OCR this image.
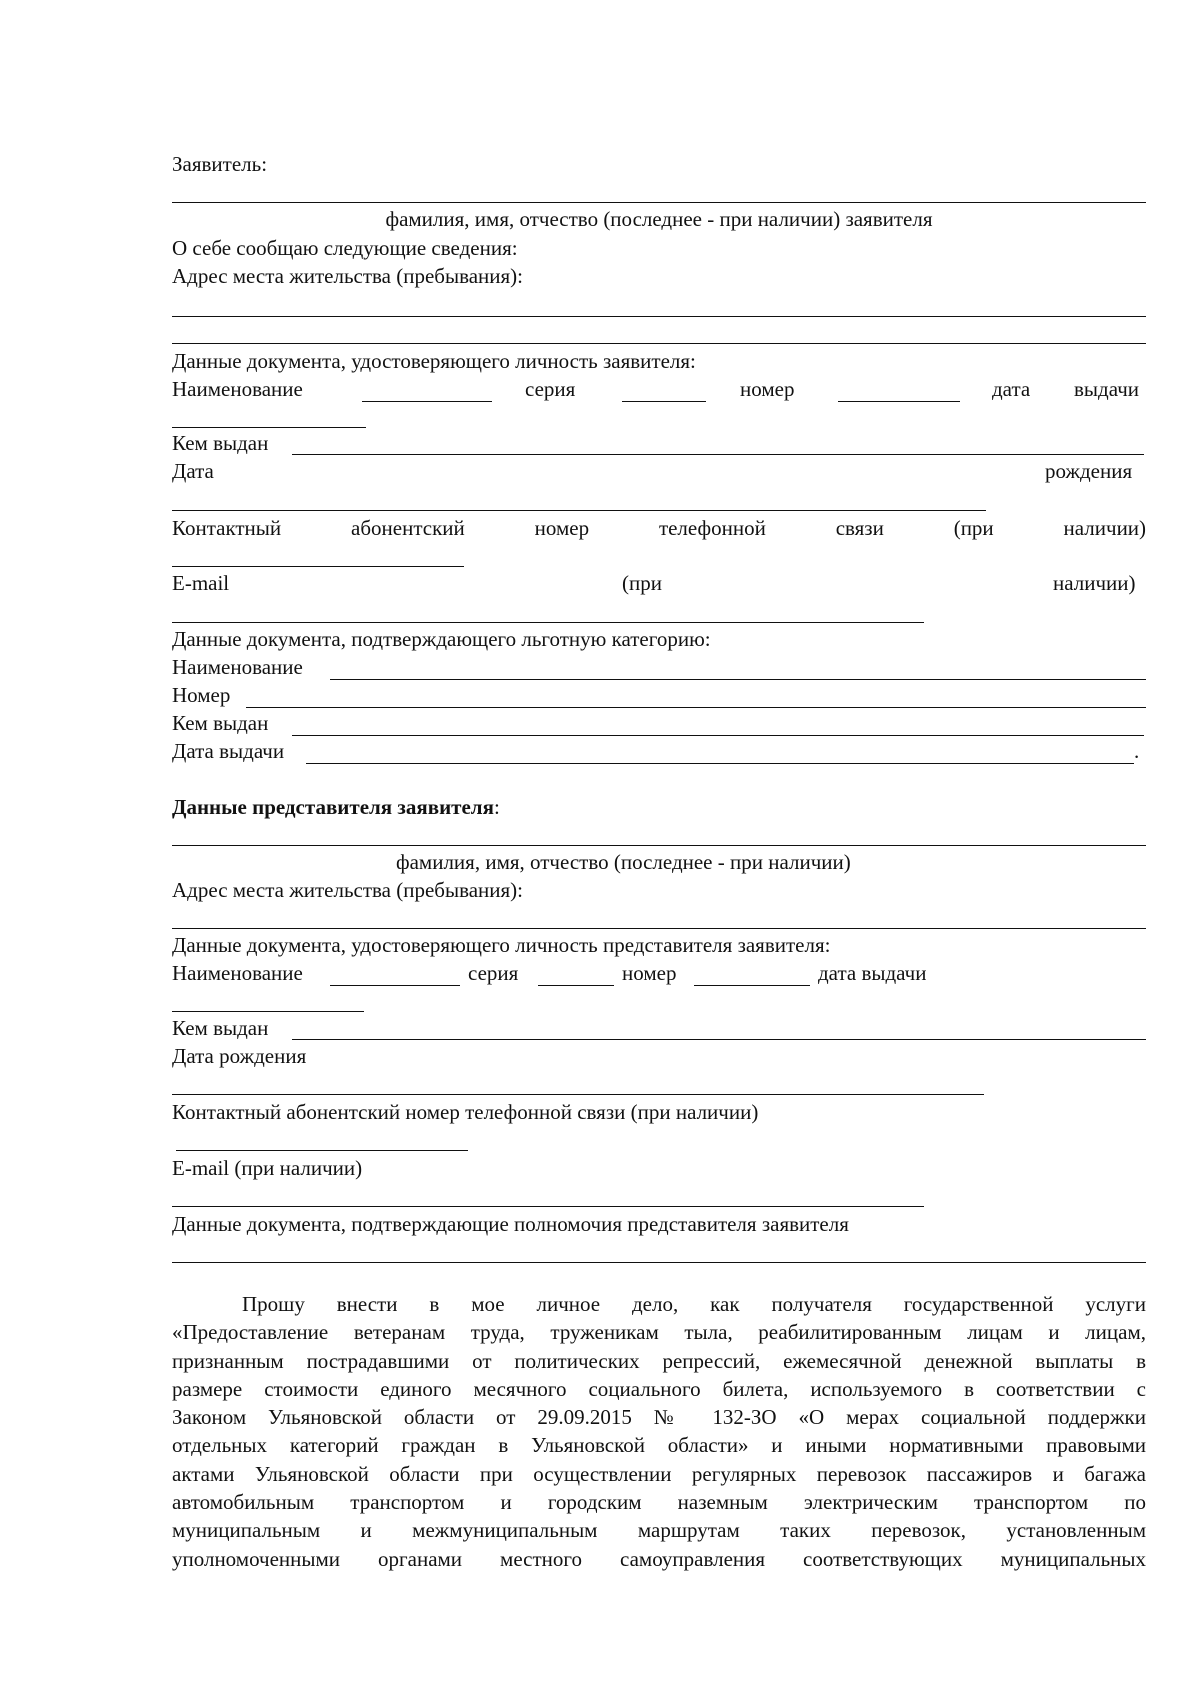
Заявитель:
фамилия, имя, отчество (последнее - при наличии) заявителя
О себе сообщаю следующие сведения:
Адрес места жительства (пребывания):
Данные документа, удостоверяющего личность заявителя:
Наименование	серия	номер	дата выдачи
Кем выдан
Дата	рождения
Контактный	абонентский	номер	телефонной	связи	(при	наличии)
E-mail	(при	наличии)
Данные документа, подтверждающего льготную категорию:
Наименование
Номер
Кем выдан
Дата выдачи	.
Данные представителя заявителя:
фамилия, имя, отчество (последнее - при наличии)
Адрес места жительства (пребывания):
Данные документа, удостоверяющего личность представителя заявителя:
Наименование	серия	номер	дата выдачи
Кем выдан
Дата рождения
Контактный абонентский номер телефонной связи (при наличии)
E-mail (при наличии)
Данные документа, подтверждающие полномочия представителя заявителя
Прошу внести в мое личное дело, как получателя государственной услуги
«Предоставление ветеранам труда, труженикам тыла, реабилитированным лицам и лицам,
признанным пострадавшими от политических репрессий, ежемесячной денежной выплаты в
размере стоимости единого месячного социального билета, используемого в соответствии с
Законом Ульяновской области от 29.09.2015 № 132-ЗО «О мерах социальной поддержки
отдельных категорий граждан в Ульяновской области» и иными нормативными правовыми
актами Ульяновской области при осуществлении регулярных перевозок пассажиров и багажа
автомобильным транспортом и городским наземным электрическим транспортом по
муниципальным и межмуниципальным маршрутам таких перевозок, установленным
уполномоченными органами местного самоуправления соответствующих муниципальных
